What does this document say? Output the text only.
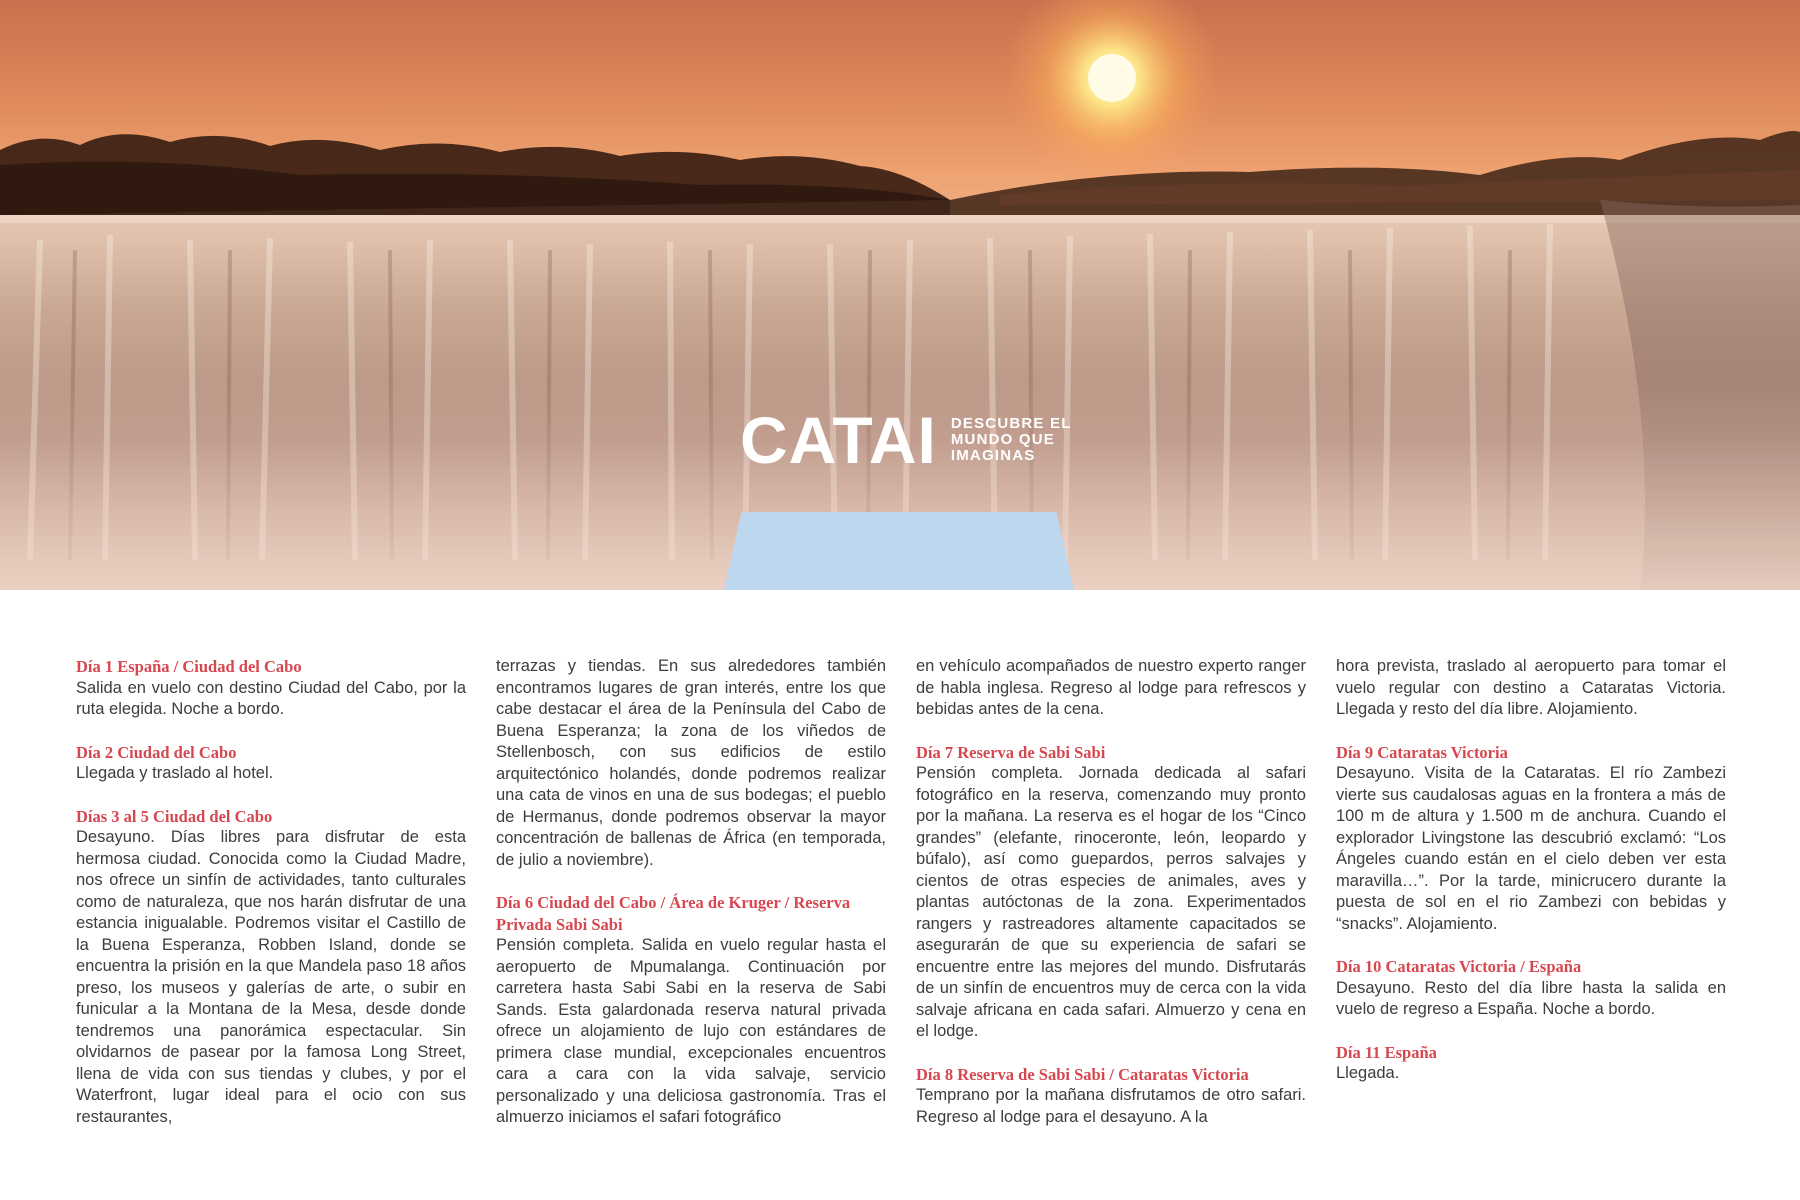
CATAI DESCUBRE EL
MUNDO QUE
IMAGINAS
Día 1 España / Ciudad del Cabo
Salida en vuelo con destino Ciudad del Cabo, por la ruta elegida. Noche a bordo.
Día 2 Ciudad del Cabo
Llegada y traslado al hotel.
Días 3 al 5 Ciudad del Cabo
Desayuno. Días libres para disfrutar de esta hermosa ciudad. Conocida como la Ciudad Madre, nos ofrece un sinfín de actividades, tanto culturales como de naturaleza, que nos harán disfrutar de una estancia inigualable. Podremos visitar el Castillo de la Buena Esperanza, Robben Island, donde se encuentra la prisión en la que Mandela paso 18 años preso, los museos y galerías de arte, o subir en funicular a la Montana de la Mesa, desde donde tendremos una panorámica espectacular. Sin olvidarnos de pasear por la famosa Long Street, llena de vida con sus tiendas y clubes, y por el Waterfront, lugar ideal para el ocio con sus restaurantes,
terrazas y tiendas. En sus alrededores también encontramos lugares de gran interés, entre los que cabe destacar el área de la Península del Cabo de Buena Esperanza; la zona de los viñedos de Stellenbosch, con sus edificios de estilo arquitectónico holandés, donde podremos realizar una cata de vinos en una de sus bodegas; el pueblo de Hermanus, donde podremos observar la mayor concentración de ballenas de África (en temporada, de julio a noviembre).
Día 6 Ciudad del Cabo / Área de Kruger / Reserva Privada Sabi Sabi
Pensión completa. Salida en vuelo regular hasta el aeropuerto de Mpumalanga. Continuación por carretera hasta Sabi Sabi en la reserva de Sabi Sands. Esta galardonada reserva natural privada ofrece un alojamiento de lujo con estándares de primera clase mundial, excepcionales encuentros cara a cara con la vida salvaje, servicio personalizado y una deliciosa gastronomía. Tras el almuerzo iniciamos el safari fotográfico
en vehículo acompañados de nuestro experto ranger de habla inglesa. Regreso al lodge para refrescos y bebidas antes de la cena.
Día 7 Reserva de Sabi Sabi
Pensión completa. Jornada dedicada al safari fotográfico en la reserva, comenzando muy pronto por la mañana. La reserva es el hogar de los “Cinco grandes” (elefante, rinoceronte, león, leopardo y búfalo), así como guepardos, perros salvajes y cientos de otras especies de animales, aves y plantas autóctonas de la zona. Experimentados rangers y rastreadores altamente capacitados se asegurarán de que su experiencia de safari se encuentre entre las mejores del mundo. Disfrutarás de un sinfín de encuentros muy de cerca con la vida salvaje africana en cada safari. Almuerzo y cena en el lodge.
Día 8 Reserva de Sabi Sabi / Cataratas Victoria
Temprano por la mañana disfrutamos de otro safari. Regreso al lodge para el desayuno. A la
hora prevista, traslado al aeropuerto para tomar el vuelo regular con destino a Cataratas Victoria. Llegada y resto del día libre. Alojamiento.
Día 9 Cataratas Victoria
Desayuno. Visita de la Cataratas. El río Zambezi vierte sus caudalosas aguas en la frontera a más de 100 m de altura y 1.500 m de anchura. Cuando el explorador Livingstone las descubrió exclamó: “Los Ángeles cuando están en el cielo deben ver esta maravilla…”. Por la tarde, minicrucero durante la puesta de sol en el rio Zambezi con bebidas y “snacks”. Alojamiento.
Día 10 Cataratas Victoria / España
Desayuno. Resto del día libre hasta la salida en vuelo de regreso a España. Noche a bordo.
Día 11 España
Llegada.
